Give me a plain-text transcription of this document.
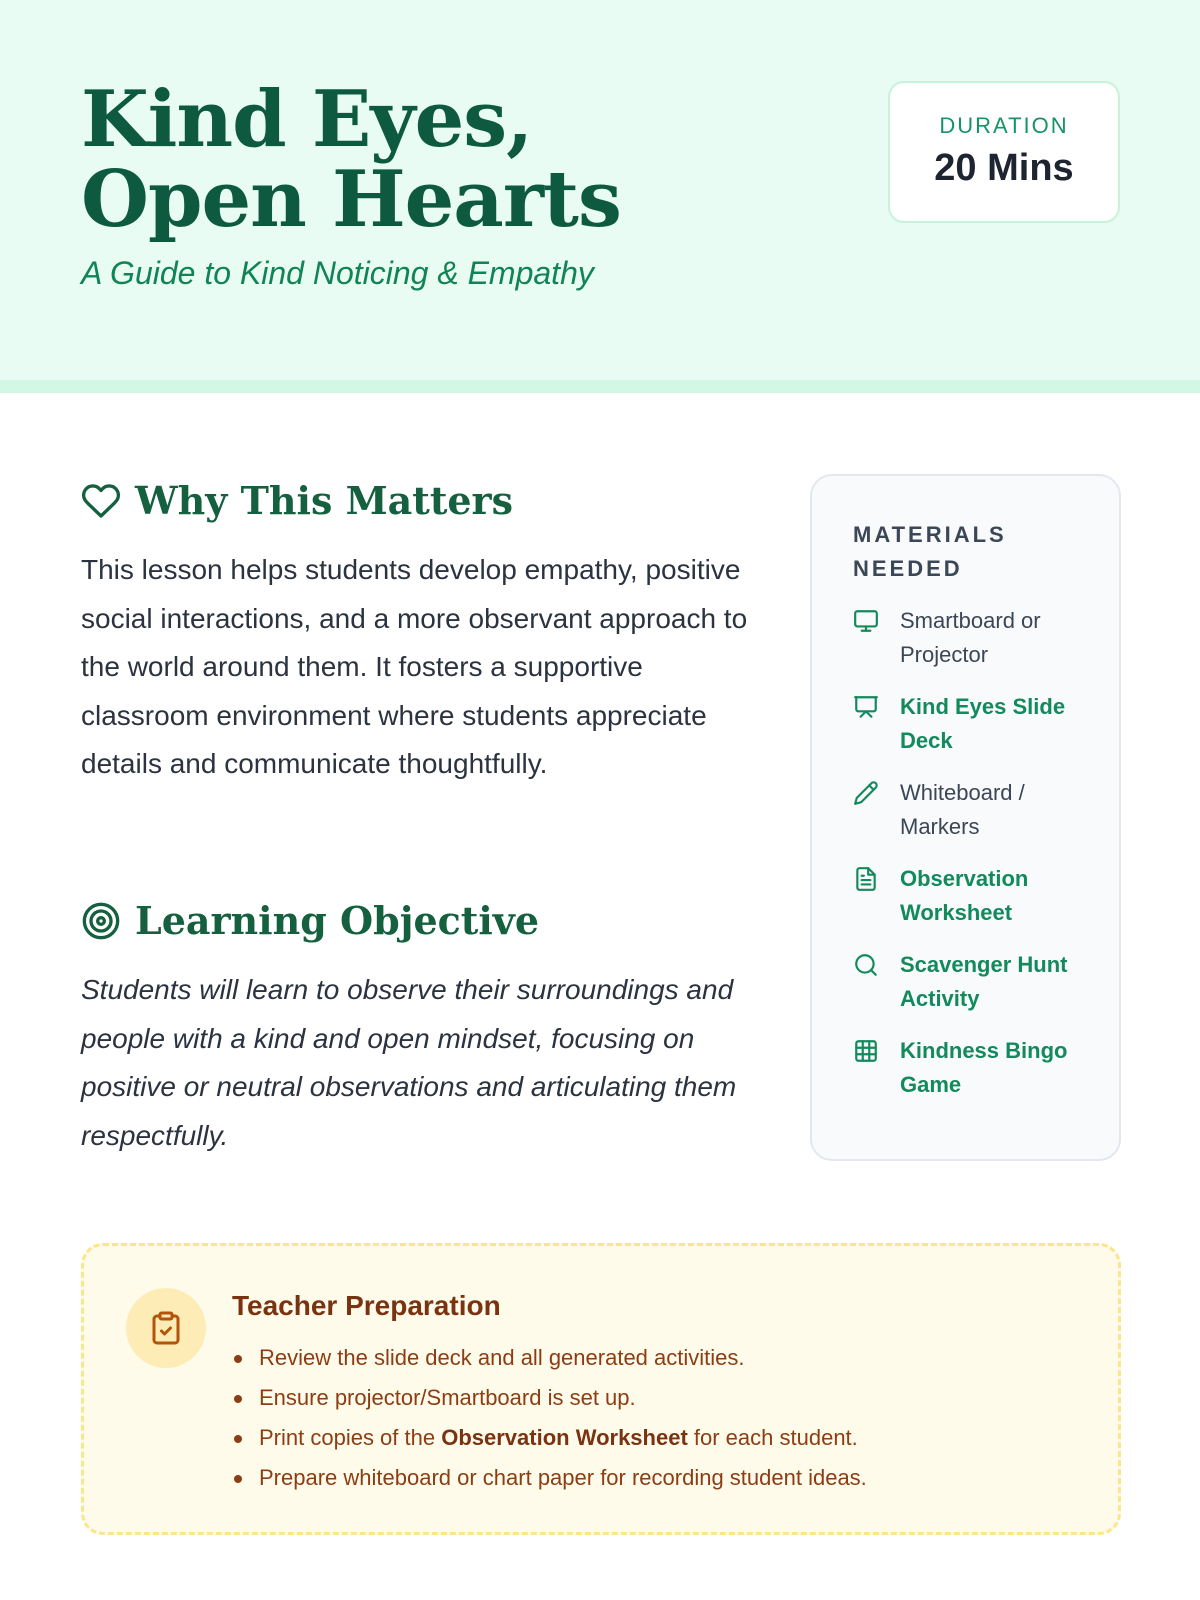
Kind Eyes, Open Hearts

A Guide to Kind Noticing & Empathy

DURATION
20 Mins
Why This Matters

This lesson helps students develop empathy, positive social interactions, and a more observant approach to the world around them. It fosters a supportive classroom environment where students appreciate details and communicate thoughtfully.

Learning Objective

Students will learn to observe their surroundings and people with a kind and open mindset, focusing on positive or neutral observations and articulating them respectfully.

MATERIALS NEEDED
Smartboard or Projector
Kind Eyes Slide Deck
Whiteboard / Markers
Observation Worksheet
Scavenger Hunt Activity
Kindness Bingo Game
Teacher Preparation
Review the slide deck and all generated activities.
Ensure projector/Smartboard is set up.
Print copies of the Observation Worksheet for each student.
Prepare whiteboard or chart paper for recording student ideas.
